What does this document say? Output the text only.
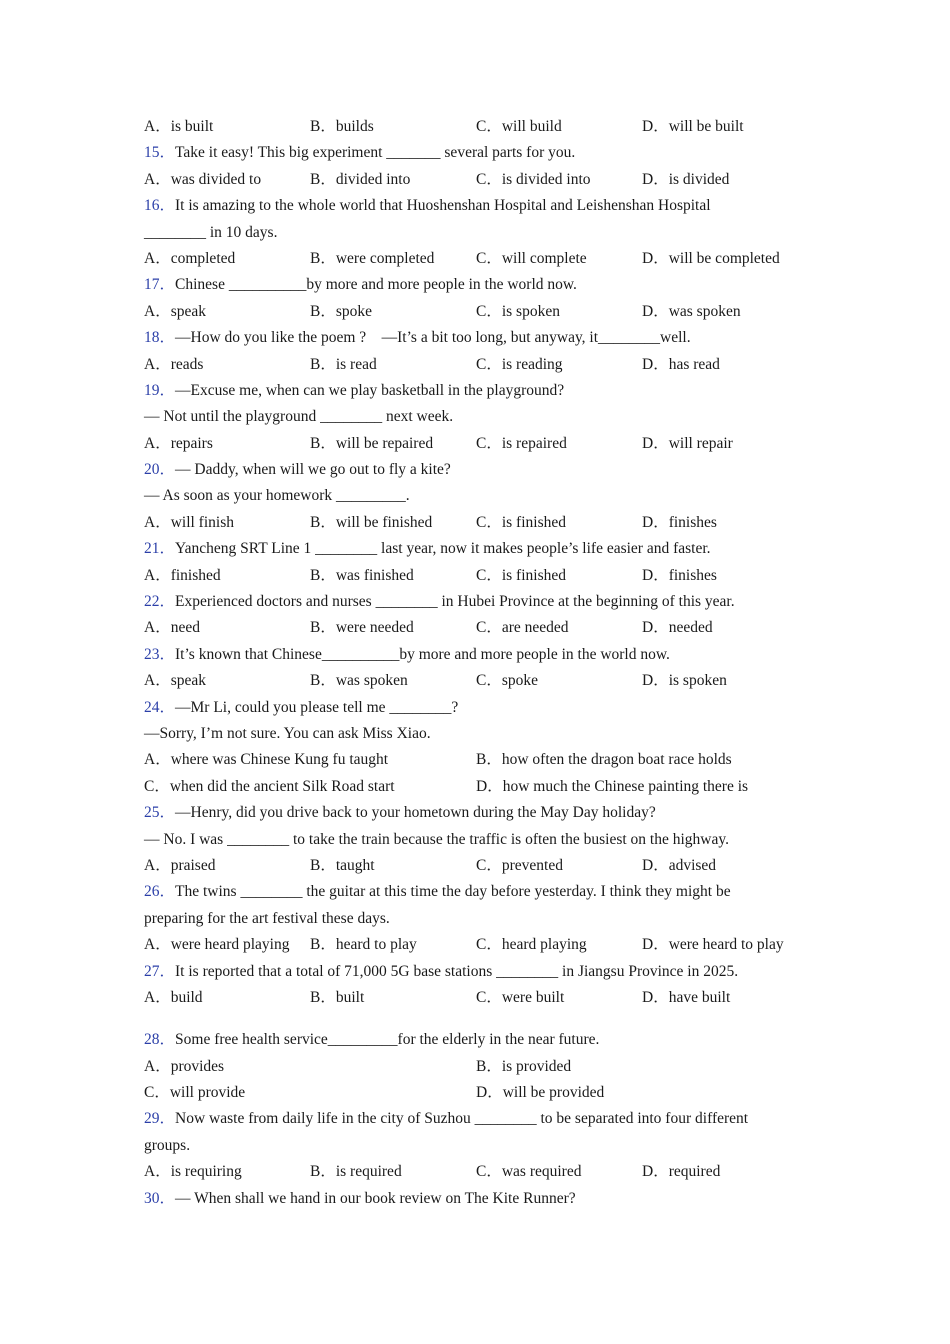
A．is built	B．builds	C．will build	D．will be built
15．Take it easy! This big experiment _______ several parts for you.
A．was divided to	B．divided into	C．is divided into	D．is divided
16．It is amazing to the whole world that Huoshenshan Hospital and Leishenshan Hospital
________ in 10 days.
A．completed	B．were completed	C．will complete	D．will be completed
17．Chinese __________by more and more people in the world now.
A．speak	B．spoke	C．is spoken	D．was spoken
18．—How do you like the poem ?　—It’s a bit too long, but anyway, it________well.
A．reads	B．is read	C．is reading	D．has read
19．—Excuse me, when can we play basketball in the playground?
— Not until the playground ________ next week.
A．repairs	B．will be repaired	C．is repaired	D．will repair
20．— Daddy, when will we go out to fly a kite?
— As soon as your homework _________.
A．will finish	B．will be finished	C．is finished	D．finishes
21．Yancheng SRT Line 1 ________ last year, now it makes people’s life easier and faster.
A．finished	B．was finished	C．is finished	D．finishes
22．Experienced doctors and nurses ________ in Hubei Province at the beginning of this year.
A．need	B．were needed	C．are needed	D．needed
23．It’s known that Chinese__________by more and more people in the world now.
A．speak	B．was spoken	C．spoke	D．is spoken
24．—Mr Li, could you please tell me ________?
—Sorry, I’m not sure. You can ask Miss Xiao.
A．where was Chinese Kung fu taught	B．how often the dragon boat race holds
C．when did the ancient Silk Road start	D．how much the Chinese painting there is
25．—Henry, did you drive back to your hometown during the May Day holiday?
— No. I was ________ to take the train because the traffic is often the busiest on the highway.
A．praised	B．taught	C．prevented	D．advised
26．The twins ________ the guitar at this time the day before yesterday. I think they might be
preparing for the art festival these days.
A．were heard playing	B．heard to play	C．heard playing	D．were heard to play
27．It is reported that a total of 71,000 5G base stations ________ in Jiangsu Province in 2025.
A．build	B．built	C．were built	D．have built
28．Some free health service_________for the elderly in the near future.
A．provides	B．is provided
C．will provide	D．will be provided
29．Now waste from daily life in the city of Suzhou ________ to be separated into four different
groups.
A．is requiring	B．is required	C．was required	D．required
30．— When shall we hand in our book review on The Kite Runner?
